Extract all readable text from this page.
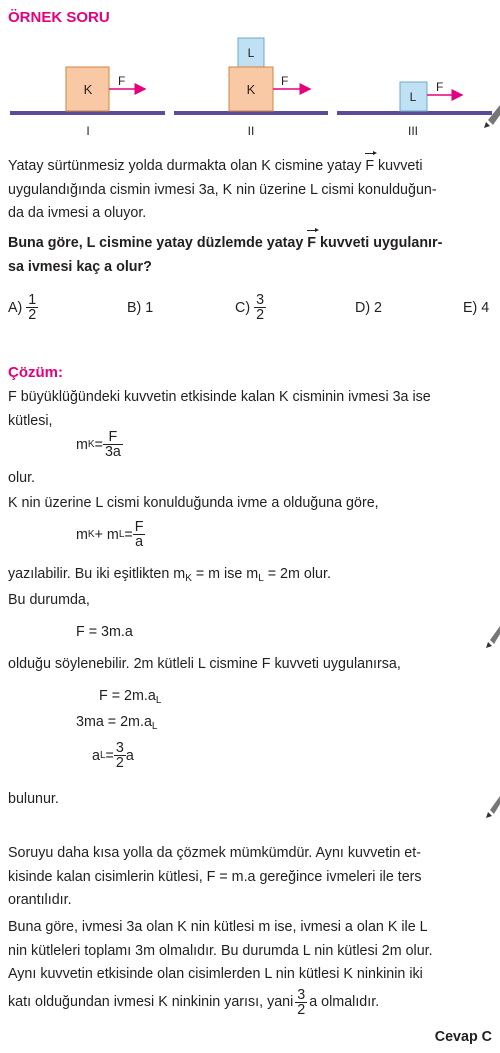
ÖRNEK SORU
K
F
I
L
K
F
II
L
F
III
Yatay sürtünmesiz yolda durmakta olan K cismine yatay F kuvveti
uygulandığında cismin ivmesi 3a, K nin üzerine L cismi konulduğun-
da da ivmesi a oluyor.
Buna göre, L cismine yatay düzlemde yatay F kuvveti uygulanır-
sa ivmesi kaç a olur?
$A) \frac{1}{2}$	B) 1	$C) \frac{3}{2}$	D) 2	E) 4
Çözüm:
F büyüklüğündeki kuvvetin etkisinde kalan K cisminin ivmesi 3a ise
kütlesi,
m $K = \frac{F}{3a}$
olur.
K nin üzerine L cismi konulduğunda ivme a olduğuna göre,
m K + m $L = \frac{F}{a}$
yazılabilir. Bu iki eşitlikten $m_K = m$ ise $m_L = 2m$ olur.
Bu durumda,
F = 3m.a
olduğu söylenebilir. 2m kütleli L cismine F kuvveti uygulanırsa,
$F = 2m.a_L$
$3ma = 2m.a_L$
a $L = \frac{3}{2}$ a
bulunur.
Soruyu daha kısa yolla da çözmek mümkümdür. Aynı kuvvetin et-
kisinde kalan cisimlerin kütlesi, F = m.a gereğince ivmeleri ile ters
orantılıdır.
Buna göre, ivmesi 3a olan K nin kütlesi m ise, ivmesi a olan K ile L
nin kütleleri toplamı 3m olmalıdır. Bu durumda L nin kütlesi 2m olur.
Aynı kuvvetin etkisinde olan cisimlerden L nin kütlesi K ninkinin iki
katı olduğundan ivmesi K ninkinin yarısı, yani $\frac{3}{2}$ a olmalıdır.
Cevap C
